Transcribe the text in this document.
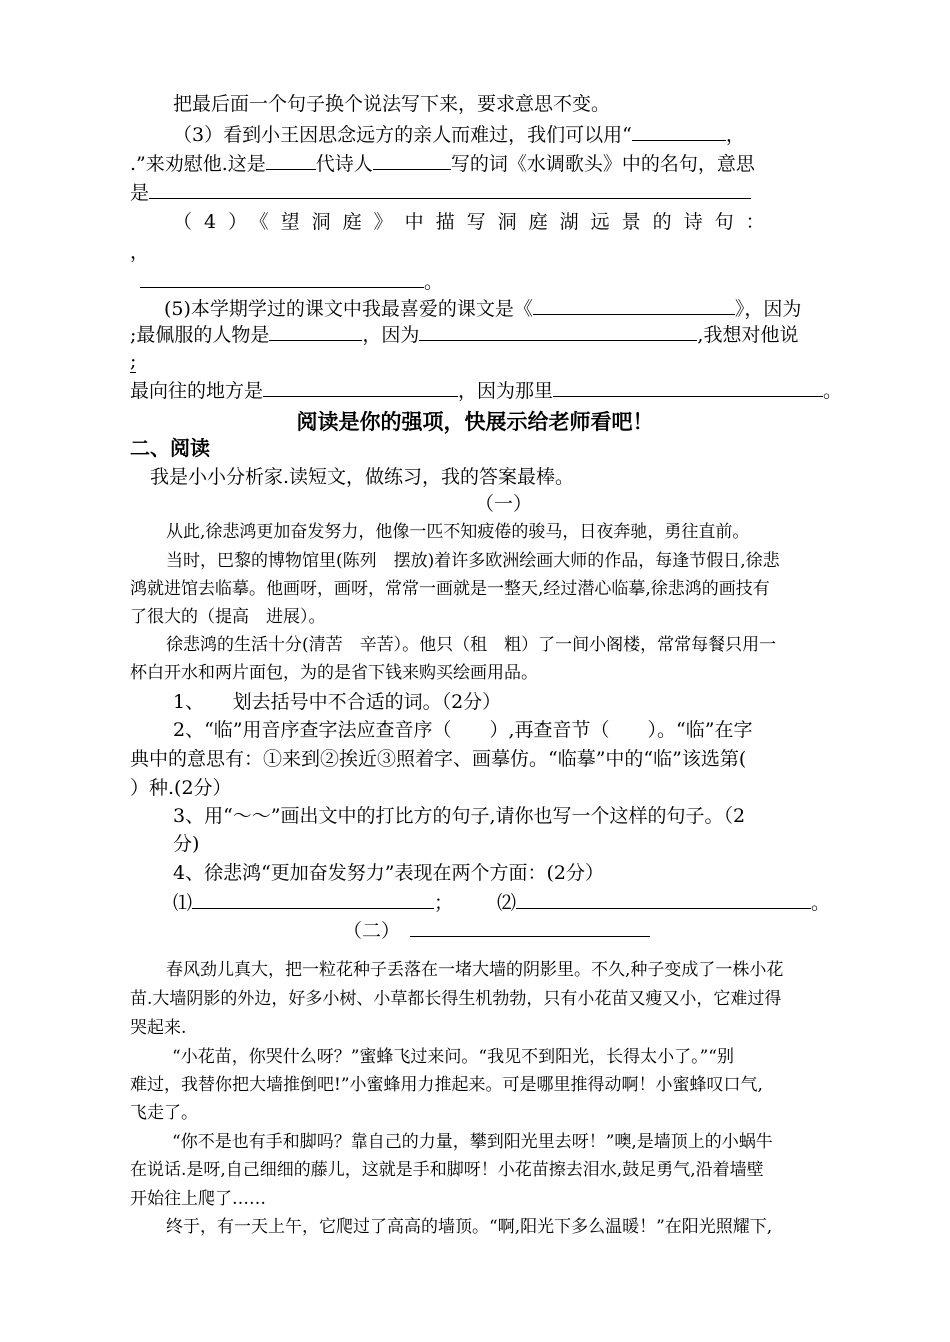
把最后面一个句子换个说法写下来，要求意思不变。
（3）看到小王因思念远方的亲人而难过，我们可以用“	，
.”来劝慰他.这是	代诗人	写的词《水调歌头》中的名句，意思
是
（4）《望洞庭》中描写洞庭湖远景的诗句：
，
。
(5)本学期学过的课文中我最喜爱的课文是《	》，因为
;最佩服的人物是	，因为	,我想对他说
;
最向往的地方是	，因为那里	。
阅读是你的强项，快展示给老师看吧！
二、阅读
我是小小分析家.读短文，做练习，我的答案最棒。
（一）
从此,徐悲鸿更加奋发努力，他像一匹不知疲倦的骏马，日夜奔驰，勇往直前。
当时，巴黎的博物馆里(陈列　摆放)着许多欧洲绘画大师的作品，每逢节假日,徐悲
鸿就进馆去临摹。他画呀，画呀，常常一画就是一整天,经过潜心临摹,徐悲鸿的画技有
了很大的（提高　进展）。
徐悲鸿的生活十分(清苦　辛苦）。他只（租　粗）了一间小阁楼，常常每餐只用一
杯白开水和两片面包，为的是省下钱来购买绘画用品。
1、　　划去括号中不合适的词。（2分）
2、“临”用音序查字法应查音序（　　）,再查音节（　　）。“临”在字
典中的意思有：①来到②挨近③照着字、画摹仿。“临摹”中的“临”该选第(
）种.(2分）
3、用“～～”画出文中的打比方的句子,请你也写一个这样的句子。（2
分)
4、徐悲鸿“更加奋发努力”表现在两个方面：(2分）
⑴	； ⑵	。
（二）
春风劲儿真大，把一粒花种子丢落在一堵大墙的阴影里。不久,种子变成了一株小花
苗.大墙阴影的外边，好多小树、小草都长得生机勃勃，只有小花苗又瘦又小，它难过得
哭起来.
“小花苗，你哭什么呀？”蜜蜂飞过来问。“我见不到阳光，长得太小了。”“别
难过，我替你把大墙推倒吧!”小蜜蜂用力推起来。可是哪里推得动啊！小蜜蜂叹口气,
飞走了。
“你不是也有手和脚吗？靠自己的力量，攀到阳光里去呀！”噢,是墙顶上的小蜗牛
在说话.是呀,自己细细的藤儿，这就是手和脚呀！小花苗擦去泪水,鼓足勇气,沿着墙壁
开始往上爬了……
终于，有一天上午，它爬过了高高的墙顶。“啊,阳光下多么温暖！”在阳光照耀下,
